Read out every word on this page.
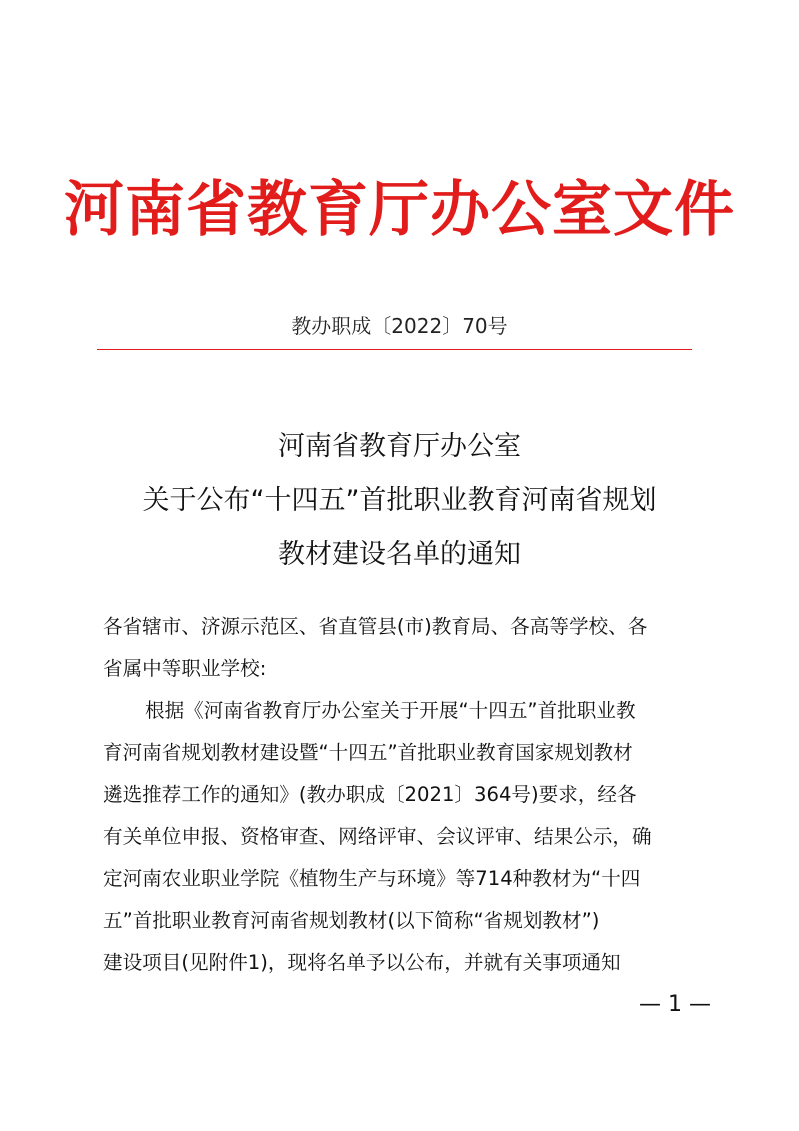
河南省教育厅办公室文件
教办职成〔2022〕70号
河南省教育厅办公室
关于公布“十四五”首批职业教育河南省规划
教材建设名单的通知
各省辖市、济源示范区、省直管县(市)教育局、各高等学校、各
省属中等职业学校:
根据《河南省教育厅办公室关于开展“十四五”首批职业教
育河南省规划教材建设暨“十四五”首批职业教育国家规划教材
遴选推荐工作的通知》(教办职成〔2021〕364号)要求，经各
有关单位申报、资格审查、网络评审、会议评审、结果公示，确
定河南农业职业学院《植物生产与环境》等714种教材为“十四
五”首批职业教育河南省规划教材(以下简称“省规划教材”)
建设项目(见附件1)，现将名单予以公布，并就有关事项通知
— 1 —
